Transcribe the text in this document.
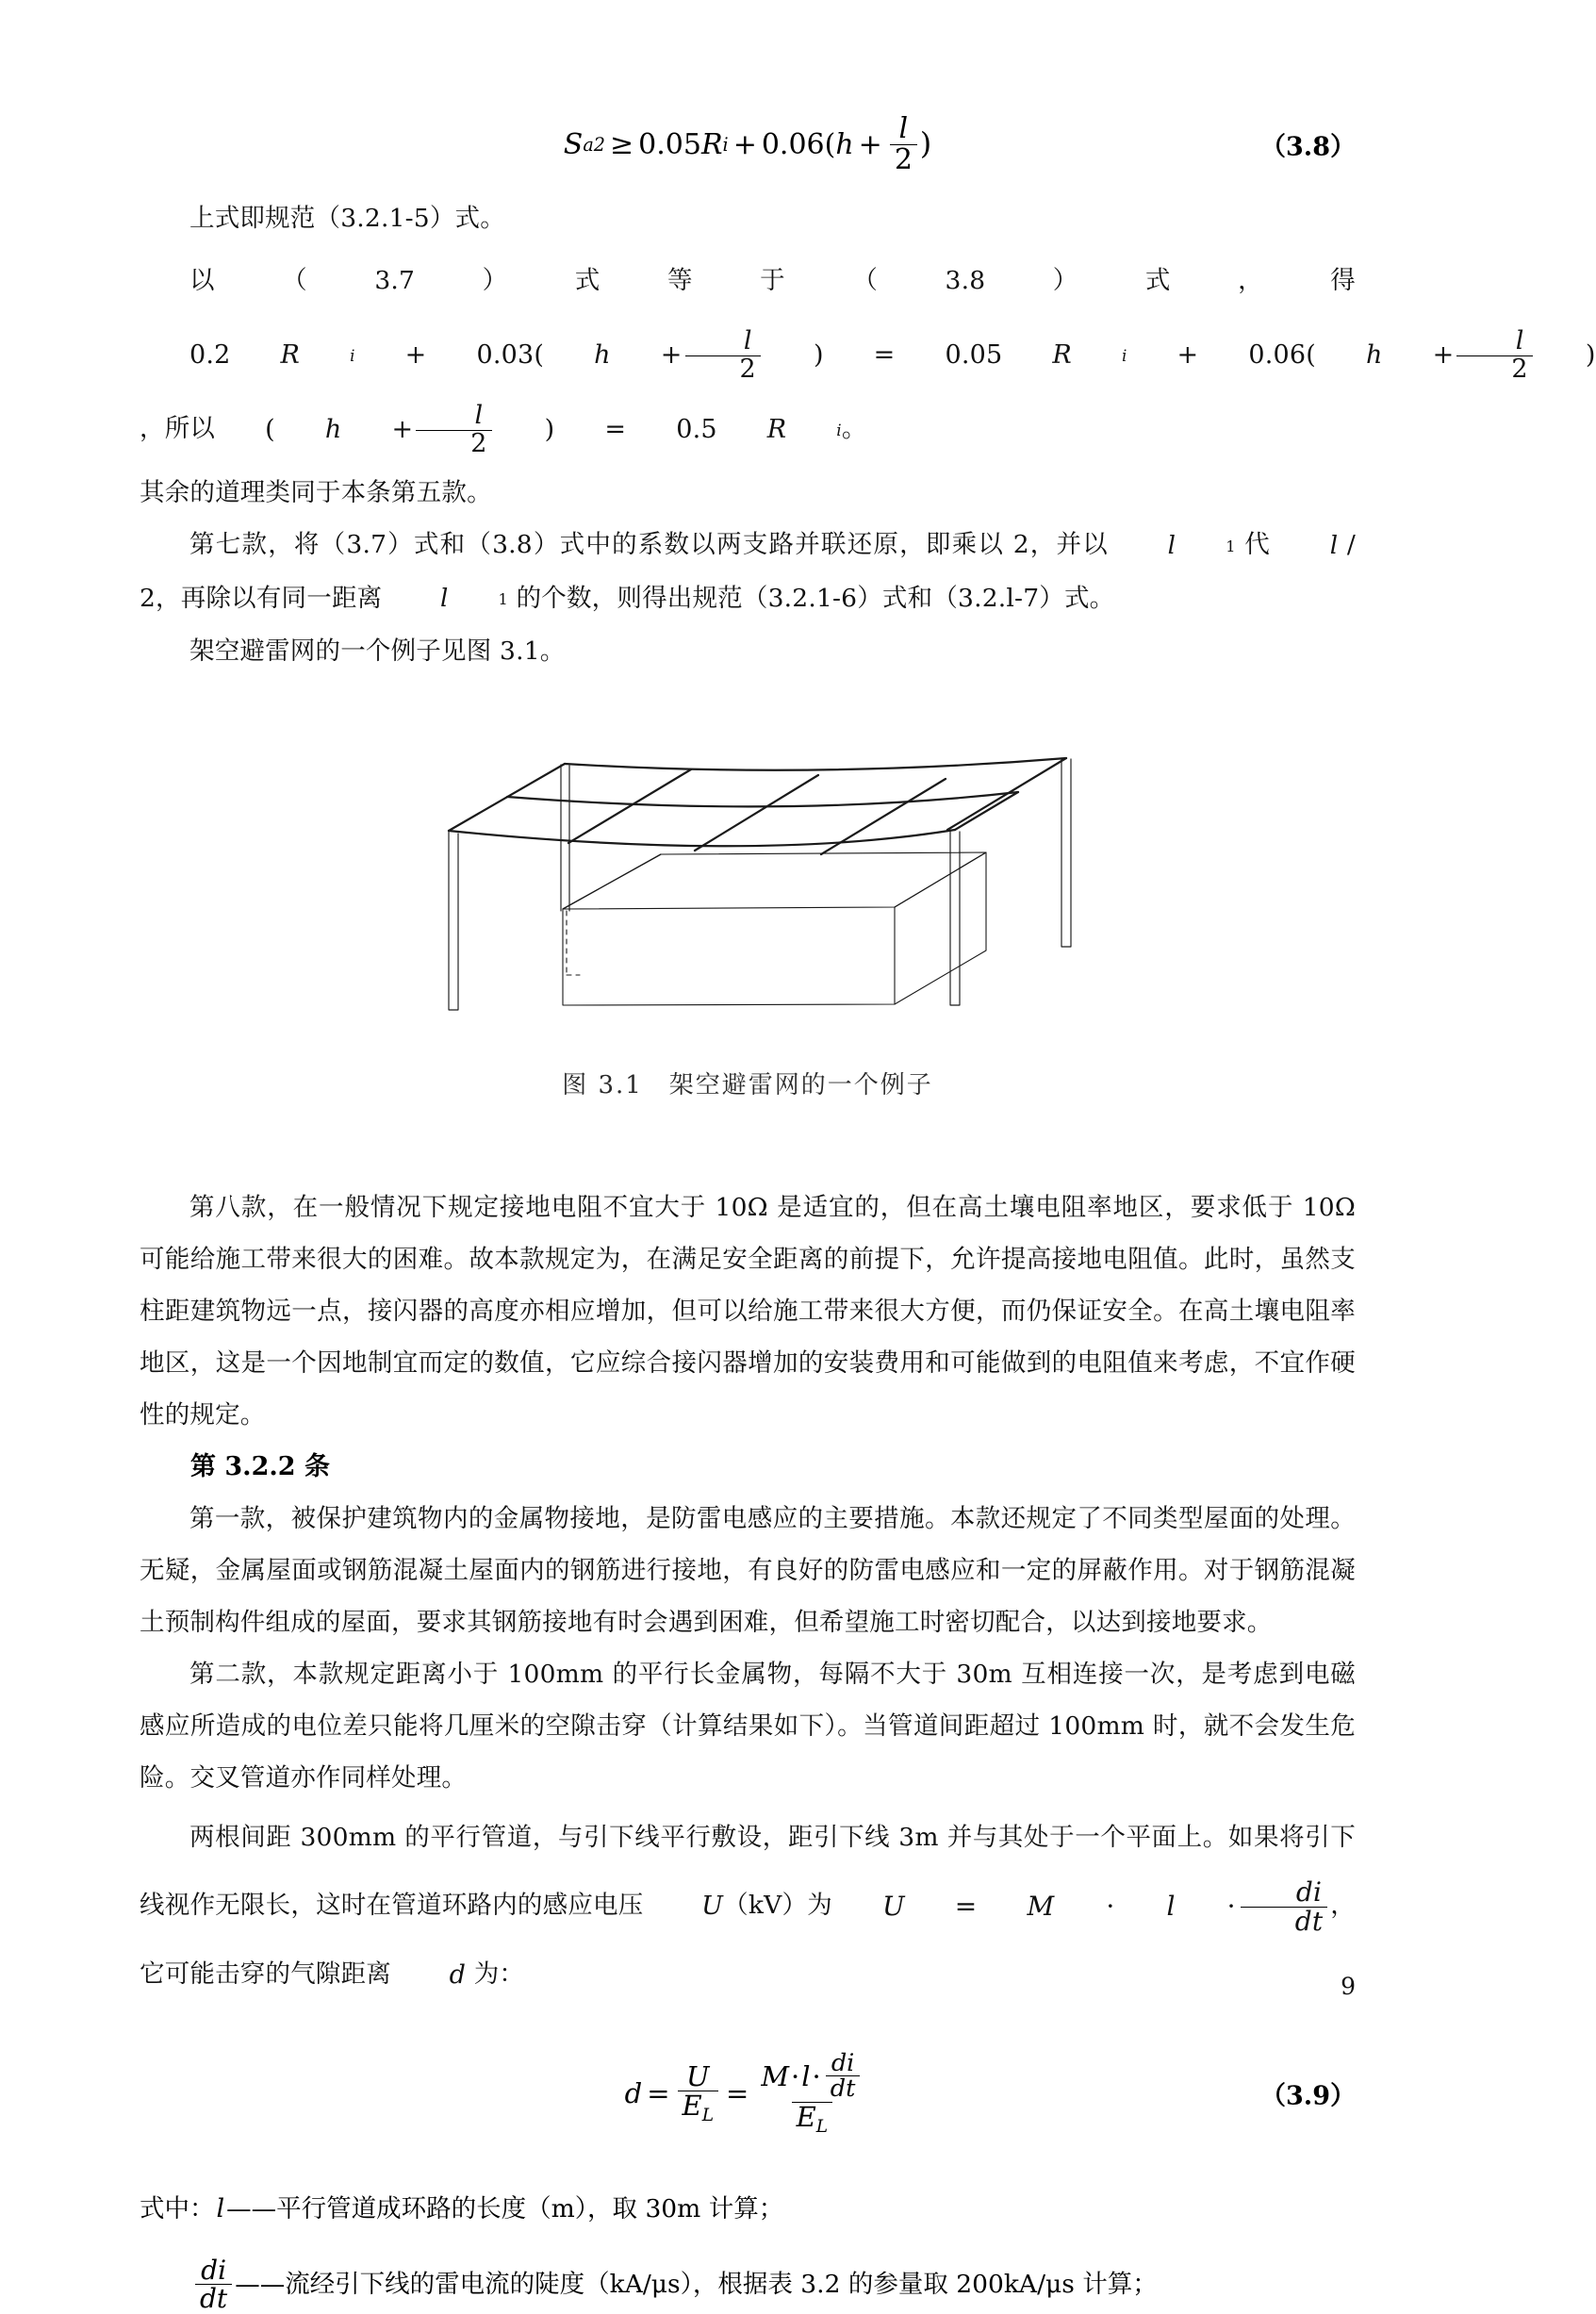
S a2 ≥ 0.05 R i + 0.06( $h + \frac{l}{2}$ )	（3.8）
上式即规范（3.2.1-5）式。
以（3.7）式等于（3.8）式，得
0.2	R	i	+	0.03(	h	+ $\frac{l}{2}$	)	=	0.05	R	i	+	0.06(	h	+ $\frac{l}{2}$	)
，所以	(	h	+ $\frac{l}{2}$	)	=	0.5	R	i 。
其余的道理类同于本条第五款。
第七款，将（3.7）式和（3.8）式中的系数以两支路并联还原，即乘以 2，并以	l	1 代 l / 2，再除以有同一距离	l	1 的个数，则得出规范（3.2.1-6）式和（3.2.l-7）式。
架空避雷网的一个例子见图 3.1。
图 3.1　架空避雷网的一个例子
第八款，在一般情况下规定接地电阻不宜大于 10Ω 是适宜的，但在高土壤电阻率地区，要求低于 10Ω 可能给施工带来很大的困难。故本款规定为，在满足安全距离的前提下，允许提高接地电阻值。此时，虽然支柱距建筑物远一点，接闪器的高度亦相应增加，但可以给施工带来很大方便，而仍保证安全。在高土壤电阻率地区，这是一个因地制宜而定的数值，它应综合接闪器增加的安装费用和可能做到的电阻值来考虑，不宜作硬性的规定。
第 3.2.2 条
第一款，被保护建筑物内的金属物接地，是防雷电感应的主要措施。本款还规定了不同类型屋面的处理。无疑，金属屋面或钢筋混凝土屋面内的钢筋进行接地，有良好的防雷电感应和一定的屏蔽作用。对于钢筋混凝土预制构件组成的屋面，要求其钢筋接地有时会遇到困难，但希望施工时密切配合，以达到接地要求。
第二款，本款规定距离小于 100mm 的平行长金属物，每隔不大于 30m 互相连接一次，是考虑到电磁感应所造成的电位差只能将几厘米的空隙击穿（计算结果如下）。当管道间距超过 100mm 时，就不会发生危险。交叉管道亦作同样处理。
两根间距 300mm 的平行管道，与引下线平行敷设，距引下线 3m 并与其处于一个平面上。如果将引下线视作无限长，这时在管道环路内的感应电压 U（kV）为	U	=	M	·	l	· $\frac{di}{dt}$ ，它可能击穿的气隙距离 d 为：
$d = \frac{U}{EL} = \frac{M \cdot l \cdot \frac{di}{dt}}{EL}$	（3.9）
式中： l —— 平行管道成环路的长度（m），取 30m 计算；
$\frac{di}{dt}$ —— 流经引下线的雷电流的陡度（kA/μs），根据表 3.2 的参量取 200kA/μs 计算；
9
